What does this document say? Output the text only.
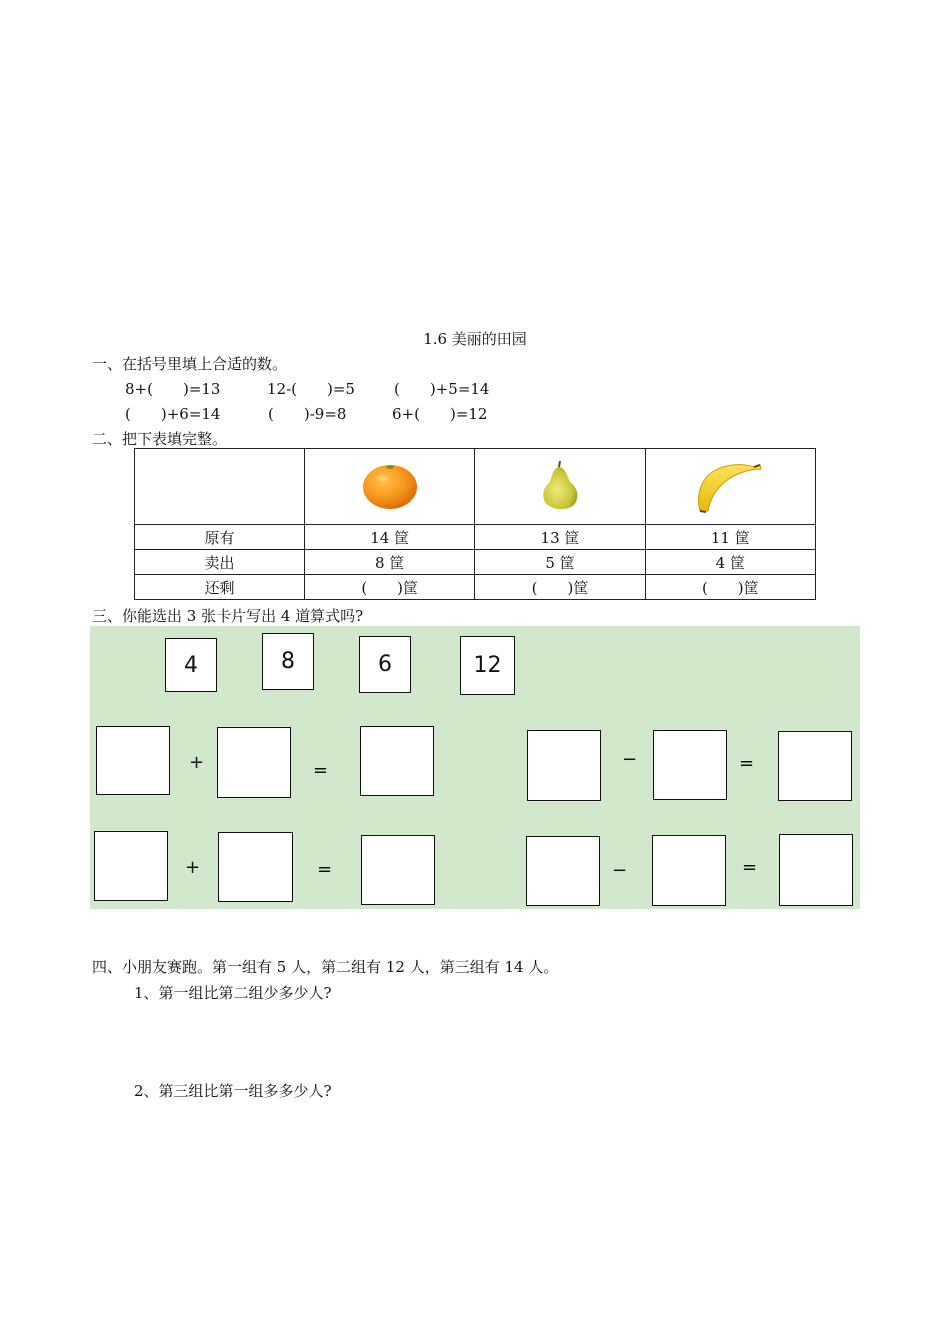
1.6 美丽的田园
一、在括号里填上合适的数。
8+(　　)=13	12-(　　)=5	(　　)+5=14
(　　)+6=14	(　　)-9=8	6+(　　)=12
二、把下表填完整。

原有	14 筐	13 筐	11 筐
卖出	8 筐	5 筐	4 筐
还剩	(　　)筐	(　　)筐	(　　)筐
三、你能选出 3 张卡片写出 4 道算式吗?
4	8	6	12
+	=
−	=
+	=	−	=
四、小朋友赛跑。第一组有 5 人，第二组有 12 人，第三组有 14 人。
1、第一组比第二组少多少人?
2、第三组比第一组多多少人?
